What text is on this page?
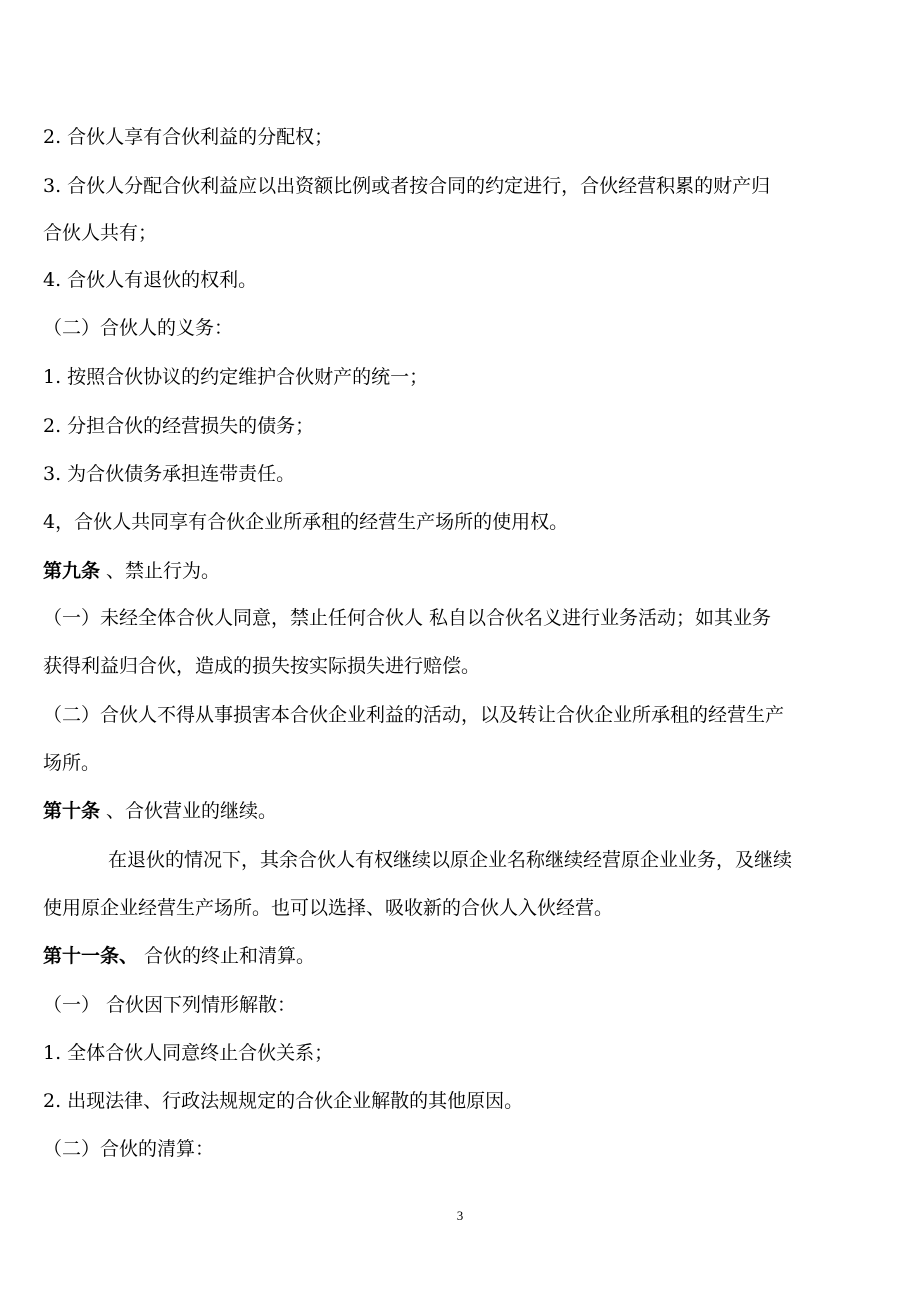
2. 合伙人享有合伙利益的分配权；
3. 合伙人分配合伙利益应以出资额比例或者按合同的约定进行，合伙经营积累的财产归
合伙人共有；
4. 合伙人有退伙的权利。
（二）合伙人的义务：
1. 按照合伙协议的约定维护合伙财产的统一；
2. 分担合伙的经营损失的债务；
3. 为合伙债务承担连带责任。
4，合伙人共同享有合伙企业所承租的经营生产场所的使用权。
第九条 、禁止行为。
（一）未经全体合伙人同意，禁止任何合伙人 私自以合伙名义进行业务活动；如其业务
获得利益归合伙，造成的损失按实际损失进行赔偿。
（二）合伙人不得从事损害本合伙企业利益的活动，以及转让合伙企业所承租的经营生产
场所。
第十条 、合伙营业的继续。
在退伙的情况下，其余合伙人有权继续以原企业名称继续经营原企业业务，及继续
使用原企业经营生产场所。也可以选择、吸收新的合伙人入伙经营。
第十一条、 合伙的终止和清算。
（一） 合伙因下列情形解散：
1. 全体合伙人同意终止合伙关系；
2. 出现法律、行政法规规定的合伙企业解散的其他原因。
（二）合伙的清算：
3
